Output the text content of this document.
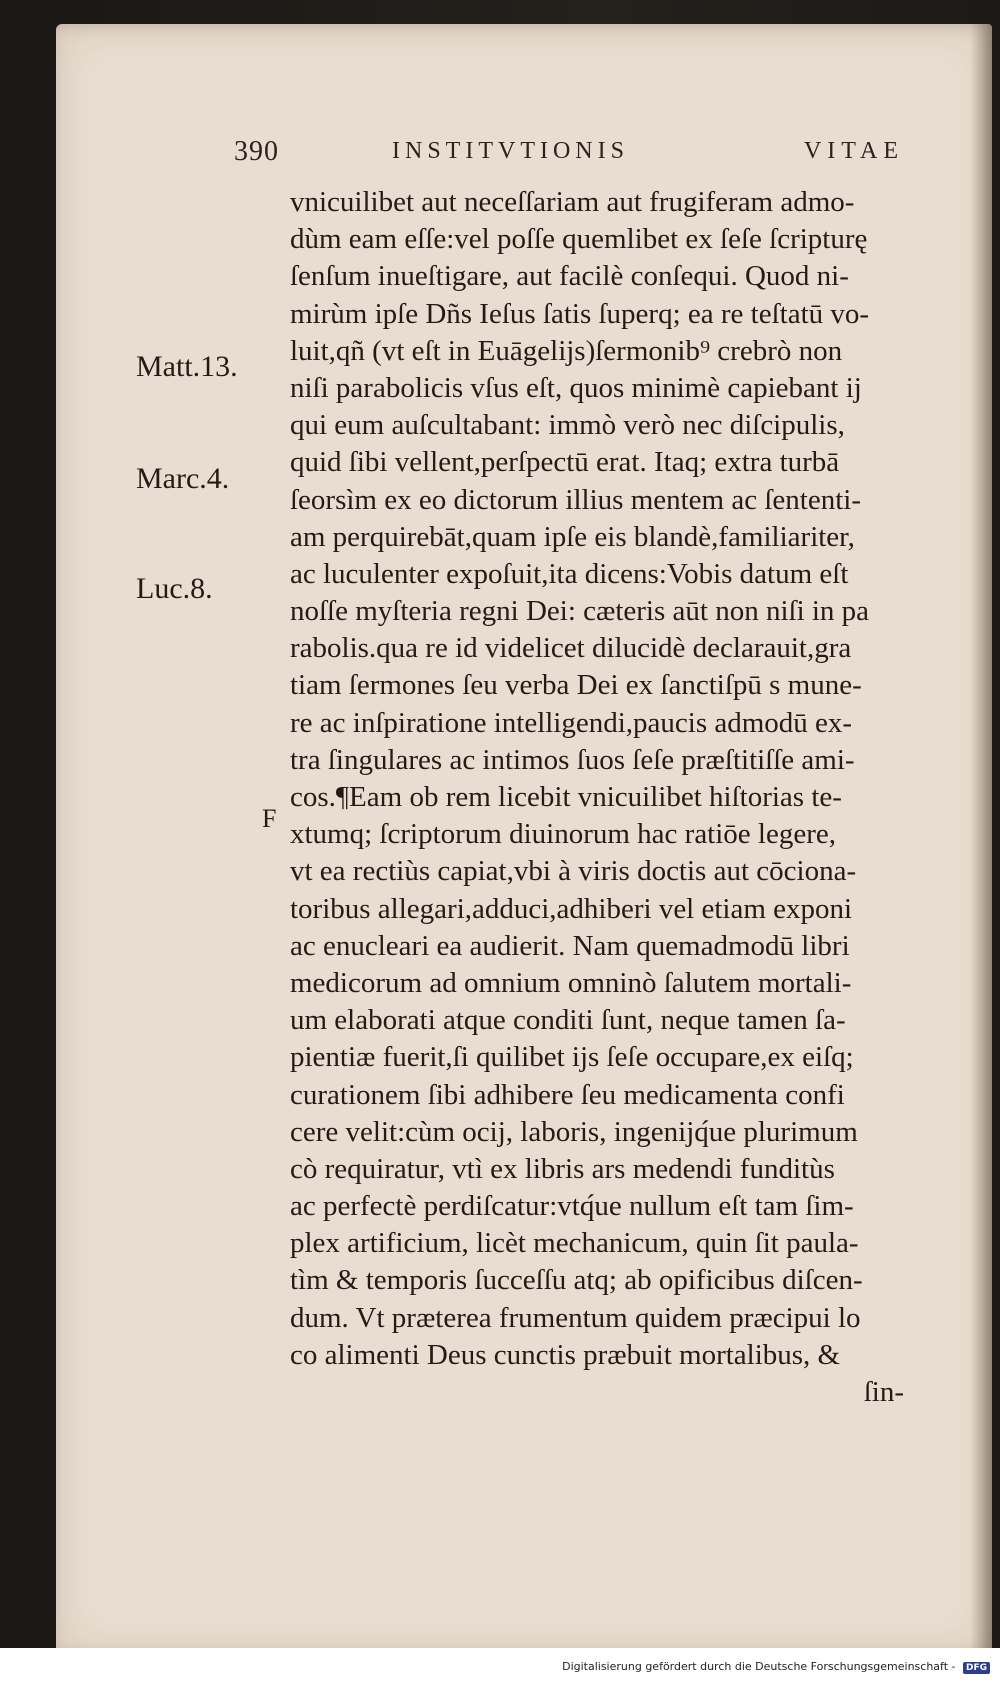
390	INSTITVTIONIS	VITAE
Matt.13.
Marc.4.
Luc.8.
F
vnicuilibet aut neceſſariam aut frugiferam admo-
dùm eam eſſe:vel poſſe quemlibet ex ſeſe ſcripturę
ſenſum inueſtigare, aut facilè conſequi. Quod ni-
mirùm ipſe Dñs Ieſus ſatis ſuperq; ea re teſtatū vo-
luit,qñ (vt eſt in Euāgelijs)ſermonib⁹ crebrò non
niſi parabolicis vſus eſt, quos minimè capiebant ij
qui eum auſcultabant: immò verò nec diſcipulis,
quid ſibi vellent,perſpectū erat. Itaq; extra turbā
ſeorsìm ex eo dictorum illius mentem ac ſententi-
am perquirebāt,quam ipſe eis blandè,familiariter,
ac luculenter expoſuit,ita dicens:Vobis datum eſt
noſſe myſteria regni Dei: cæteris aūt non niſi in pa
rabolis.qua re id videlicet dilucidè declarauit,gra
tiam ſermones ſeu verba Dei ex ſanctiſpū s mune-
re ac inſpiratione intelligendi,paucis admodū ex-
tra ſingulares ac intimos ſuos ſeſe præſtitiſſe ami-
cos.¶Eam ob rem licebit vnicuilibet hiſtorias te-
xtumq; ſcriptorum diuinorum hac ratiōe legere,
vt ea rectiùs capiat,vbi à viris doctis aut cōciona-
toribus allegari,adduci,adhiberi vel etiam exponi
ac enucleari ea audierit. Nam quemadmodū libri
medicorum ad omnium omninò ſalutem mortali-
um elaborati atque conditi ſunt, neque tamen ſa-
pientiæ fuerit,ſi quilibet ijs ſeſe occupare,ex eiſq;
curationem ſibi adhibere ſeu medicamenta confi
cere velit:cùm ocij, laboris, ingenijq́ue plurimum
cò requiratur, vtì ex libris ars medendi funditùs
ac perfectè perdiſcatur:vtq́ue nullum eſt tam ſim-
plex artificium, licèt mechanicum, quin ſit paula-
tìm & temporis ſucceſſu atq; ab opificibus diſcen-
dum. Vt præterea frumentum quidem præcipui lo
co alimenti Deus cunctis præbuit mortalibus, &
ſin-
Digitalisierung gefördert durch die Deutsche Forschungsgemeinschaft - DFG
